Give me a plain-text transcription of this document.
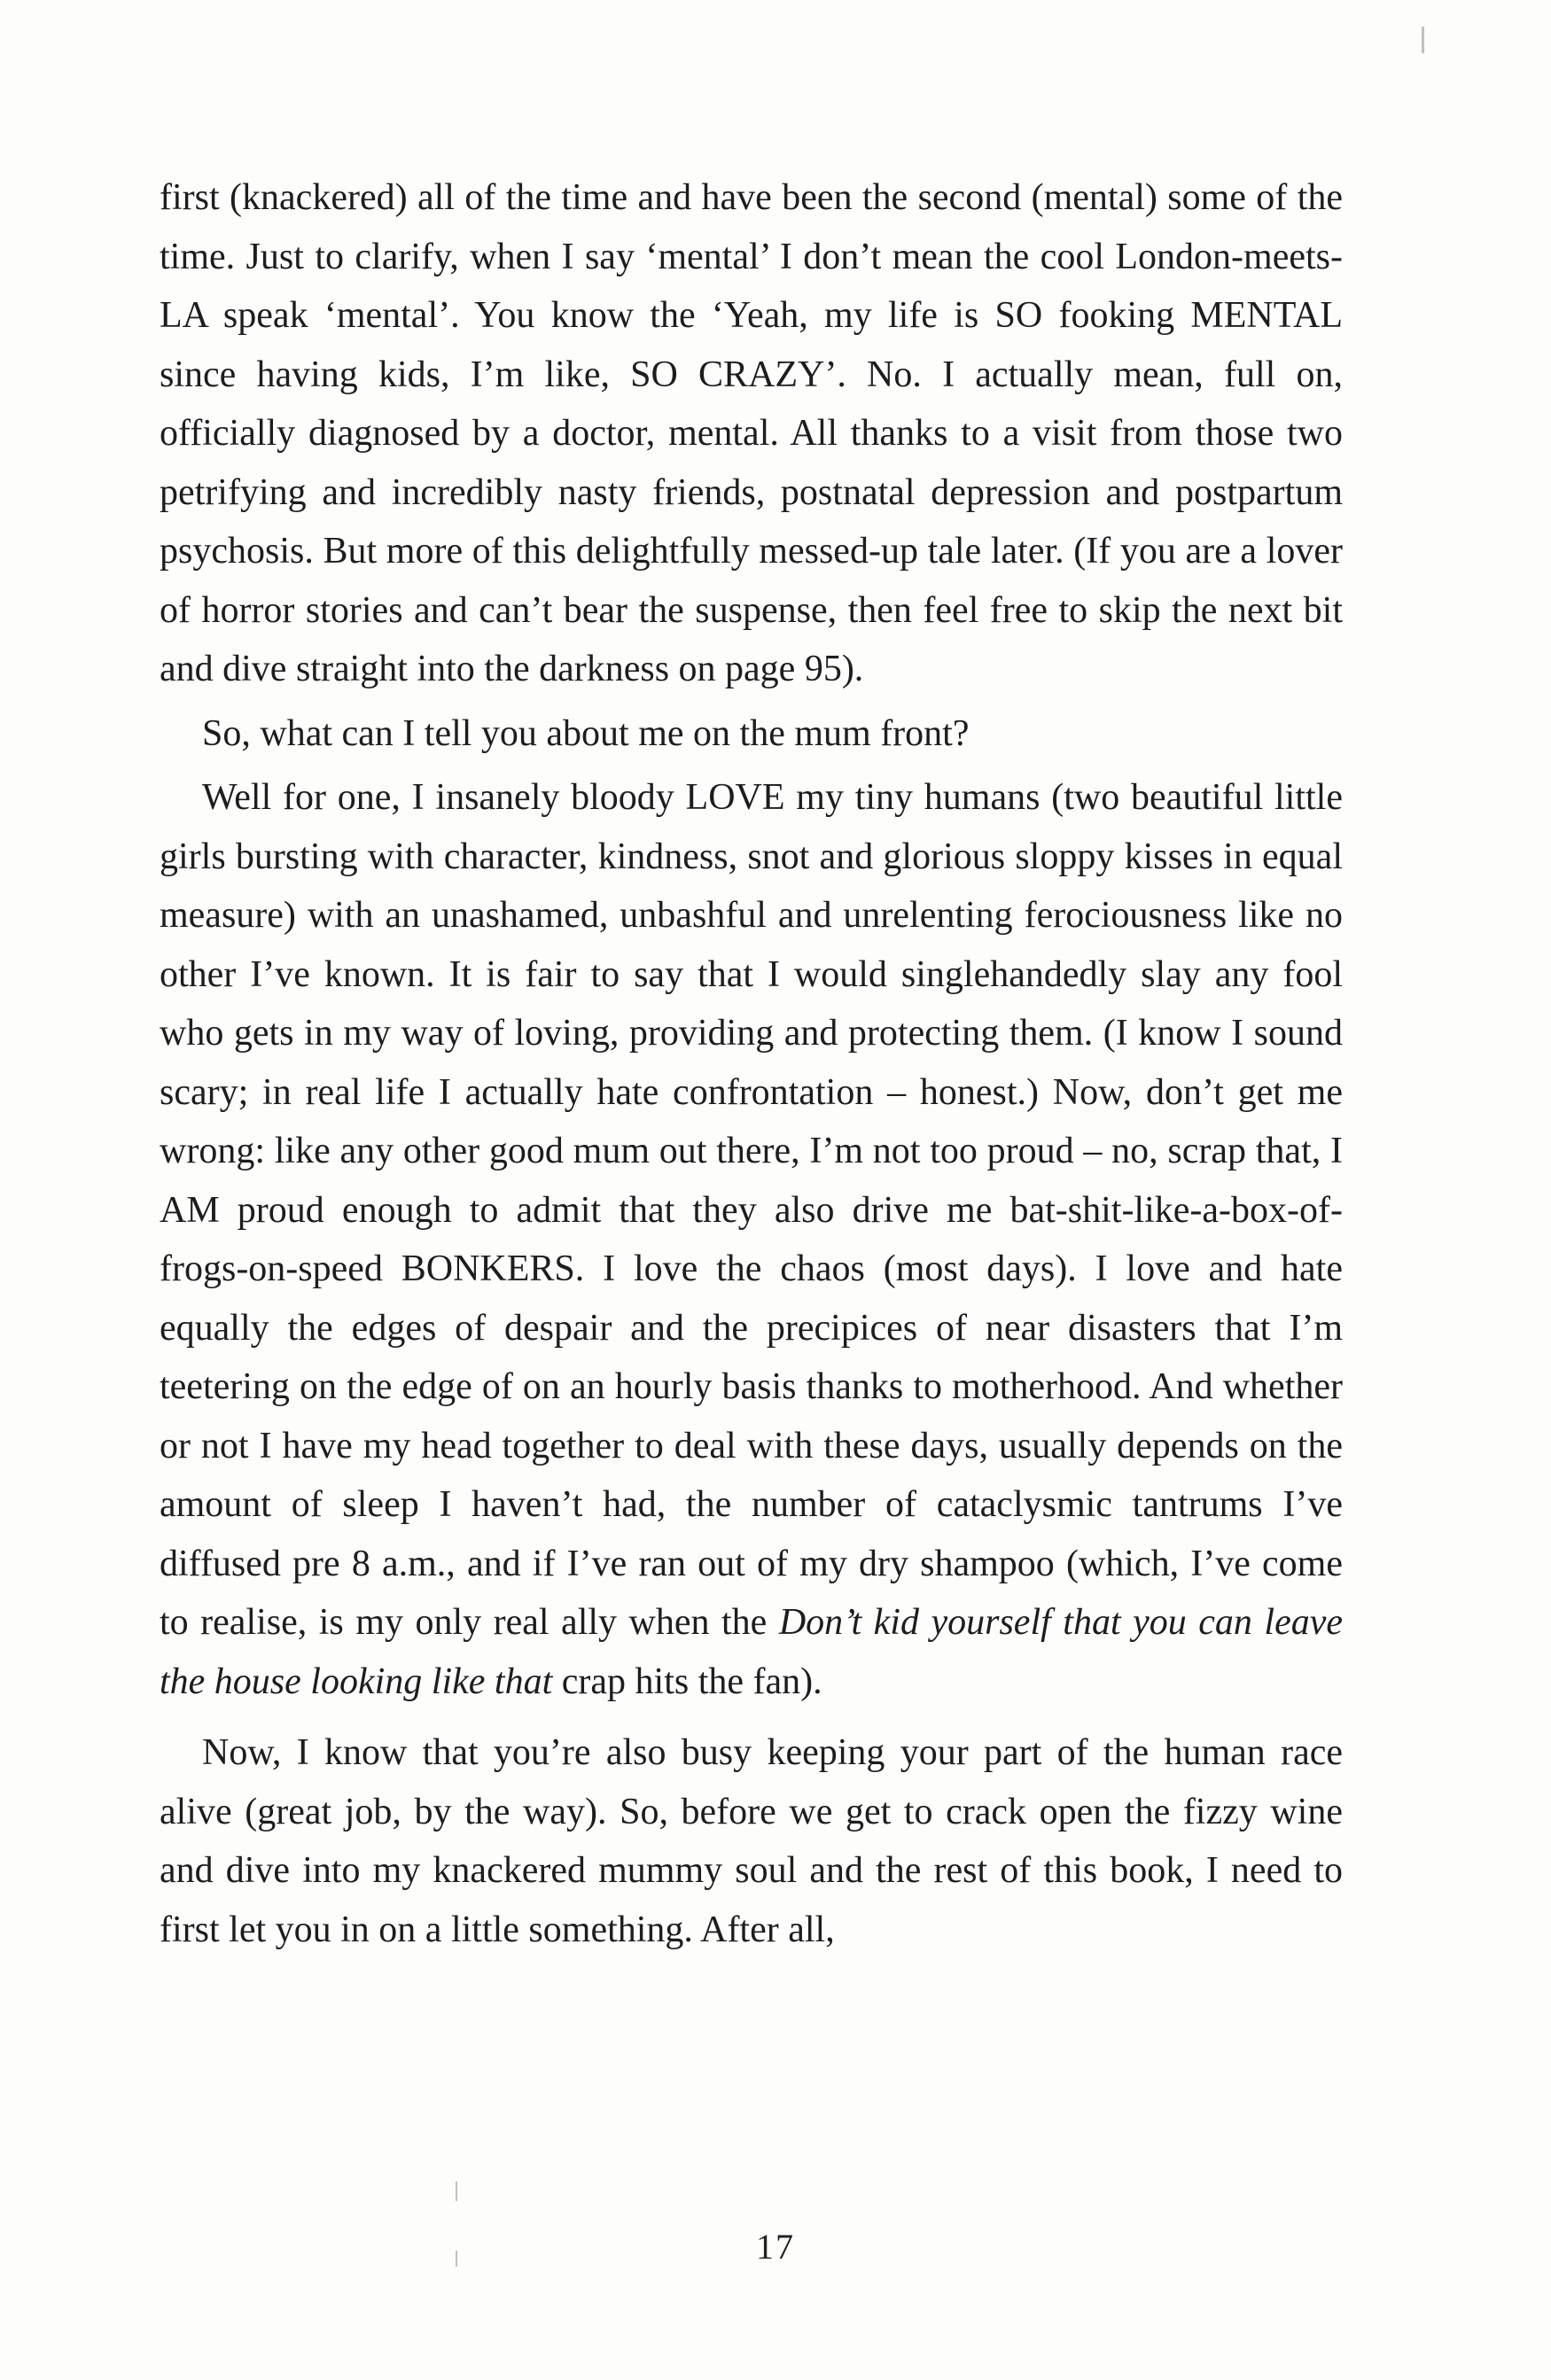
first (knackered) all of the time and have been the second (mental) some of the time. Just to clarify, when I say ‘mental’ I don’t mean the cool London-meets-LA speak ‘mental’. You know the ‘Yeah, my life is SO fooking MENTAL since having kids, I’m like, SO CRAZY’. No. I actually mean, full on, officially diagnosed by a doctor, mental. All thanks to a visit from those two petrifying and incredibly nasty friends, postnatal depression and postpartum psychosis. But more of this delightfully messed-up tale later. (If you are a lover of horror stories and can’t bear the suspense, then feel free to skip the next bit and dive straight into the darkness on page 95).

So, what can I tell you about me on the mum front?

Well for one, I insanely bloody LOVE my tiny humans (two beautiful little girls bursting with character, kindness, snot and glorious sloppy kisses in equal measure) with an unashamed, unbashful and unrelenting ferociousness like no other I’ve known. It is fair to say that I would singlehandedly slay any fool who gets in my way of loving, providing and protecting them. (I know I sound scary; in real life I actually hate confrontation – honest.) Now, don’t get me wrong: like any other good mum out there, I’m not too proud – no, scrap that, I AM proud enough to admit that they also drive me bat-shit-like-a-box-of-frogs-on-speed BONKERS. I love the chaos (most days). I love and hate equally the edges of despair and the precipices of near disasters that I’m teetering on the edge of on an hourly basis thanks to motherhood. And whether or not I have my head together to deal with these days, usually depends on the amount of sleep I haven’t had, the number of cataclysmic tantrums I’ve diffused pre 8 a.m., and if I’ve ran out of my dry shampoo (which, I’ve come to realise, is my only real ally when the Don’t kid yourself that you can leave the house looking like that crap hits the fan).

Now, I know that you’re also busy keeping your part of the human race alive (great job, by the way). So, before we get to crack open the fizzy wine and dive into my knackered mummy soul and the rest of this book, I need to first let you in on a little something. After all,

17
